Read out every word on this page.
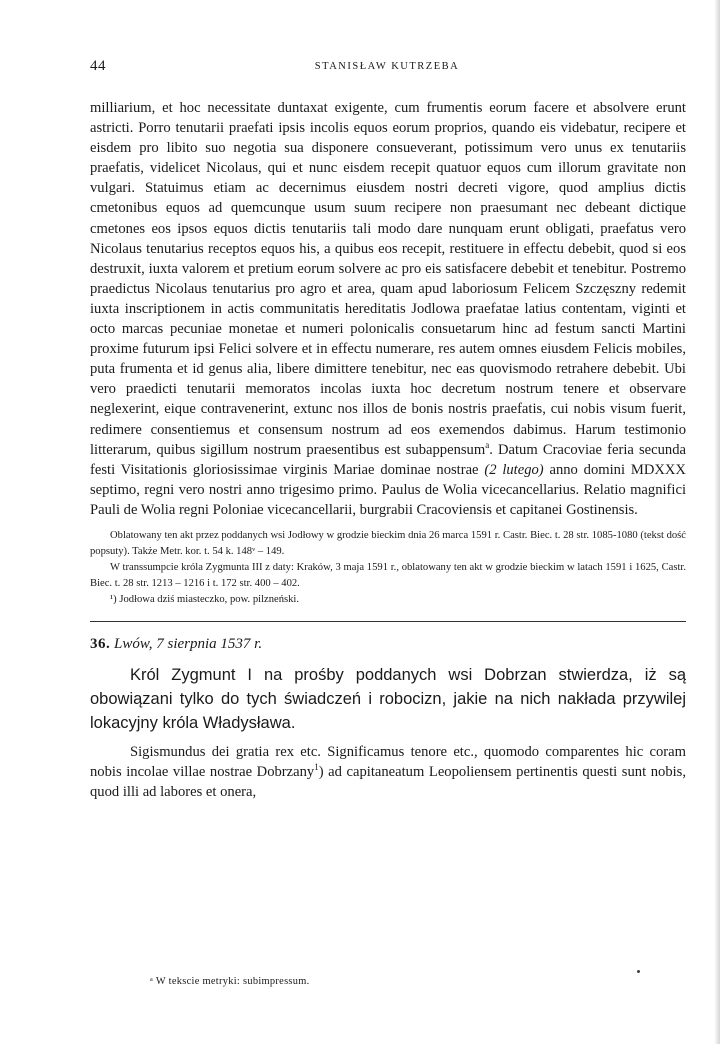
44	STANISŁAW KUTRZEBA

milliarium, et hoc necessitate duntaxat exigente, cum frumentis eorum facere et absolvere erunt astricti. Porro tenutarii praefati ipsis incolis equos eorum proprios, quando eis videbatur, recipere et eisdem pro libito suo negotia sua disponere consueverant, potissimum vero unus ex tenutariis praefatis, videlicet Nicolaus, qui et nunc eisdem recepit quatuor equos cum illorum gravitate non vulgari. Statuimus etiam ac decernimus eiusdem nostri decreti vigore, quod amplius dictis cmetonibus equos ad quemcunque usum suum recipere non praesumant nec debeant dictique cmetones eos ipsos equos dictis tenutariis tali modo dare nunquam erunt obligati, praefatus vero Nicolaus tenutarius receptos equos his, a quibus eos recepit, restituere in effectu debebit, quod si eos destruxit, iuxta valorem et pretium eorum solvere ac pro eis satisfacere debebit et tenebitur. Postremo praedictus Nicolaus tenutarius pro agro et area, quam apud laboriosum Felicem Szczęszny redemit iuxta inscriptionem in actis communitatis hereditatis Jodlowa praefatae latius contentam, viginti et octo marcas pecuniae monetae et numeri polonicalis consuetarum hinc ad festum sancti Martini proxime futurum ipsi Felici solvere et in effectu numerare, res autem omnes eiusdem Felicis mobiles, puta frumenta et id genus alia, libere dimittere tenebitur, nec eas quovismodo retrahere debebit. Ubi vero praedicti tenutarii memoratos incolas iuxta hoc decretum nostrum tenere et observare neglexerint, eique contravenerint, extunc nos illos de bonis nostris praefatis, cui nobis visum fuerit, redimere consentiemus et consensum nostrum ad eos exemendos dabimus. Harum testimonio litterarum, quibus sigillum nostrum praesentibus est subappensum$^a$. Datum Cracoviae feria secunda festi Visitationis gloriosissimae virginis Mariae dominae nostrae (2 lutego) anno domini MDXXX septimo, regni vero nostri anno trigesimo primo. Paulus de Wolia vicecancellarius. Relatio magnifici Pauli de Wolia regni Poloniae vicecancellarii, burgrabii Cracoviensis et capitanei Gostinensis.

Oblatowany ten akt przez poddanych wsi Jodłowy w grodzie bieckim dnia 26 marca 1591 r. Castr. Biec. t. 28 str. 1085-1080 (tekst dość popsuty). Także Metr. kor. t. 54 k. 148ᵛ – 149.

W transsumpcie króla Zygmunta III z daty: Kraków, 3 maja 1591 r., oblatowany ten akt w grodzie bieckim w latach 1591 i 1625, Castr. Biec. t. 28 str. 1213 – 1216 i t. 172 str. 400 – 402.

¹) Jodłowa dziś miasteczko, pow. pilzneński.

36. Lwów, 7 sierpnia 1537 r.

Król Zygmunt I na prośby poddanych wsi Dobrzan stwierdza, iż są obowiązani tylko do tych świadczeń i robocizn, jakie na nich nakłada przywilej lokacyjny króla Władysława.

Sigismundus dei gratia rex etc. Significamus tenore etc., quomodo comparentes hic coram nobis incolae villae nostrae Dobrzany$^1$) ad capitaneatum Leopoliensem pertinentis questi sunt nobis, quod illi ad labores et onera,

ᵃ W tekscie metryki: subimpressum.
